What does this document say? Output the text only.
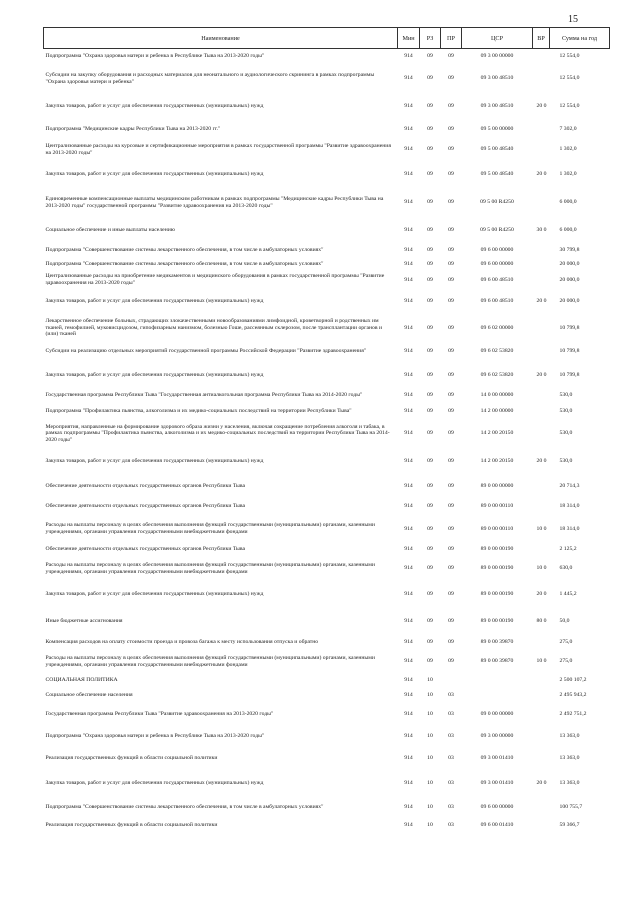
15
Наименование	Мин	РЗ	ПР	ЦСР	ВР	Сумма на год
Подпрограмма "Охрана здоровья матери и ребенка в Республике Тыва на 2013-2020 годы"	914	09	09	09 3 00 00000		12 554,0
Субсидии на закупку оборудования и расходных материалов для неонатального и аудиологического скрининга в рамках подпрограммы "Охрана здоровья матери и ребенка"	914	09	09	09 3 00 48510		12 554,0
Закупка товаров, работ и услуг для обеспечения государственных (муниципальных) нужд	914	09	09	09 3 00 48510	20 0	12 554,0
Подпрограмма "Медицинские кадры Республики Тыва на 2013-2020 гг."	914	09	09	09 5 00 00000		7 302,0
Централизованные расходы на курсовые и сертификационные мероприятия в рамках государственной программы "Развитие здравоохранения на 2013-2020 годы"	914	09	09	09 5 00 48540		1 302,0
Закупка товаров, работ и услуг для обеспечения государственных (муниципальных) нужд	914	09	09	09 5 00 48540	20 0	1 302,0
Единовременные компенсационные выплаты медицинским работникам в рамках подпрограммы "Медицинские кадры Республики Тыва на 2013-2020 годы" государственной программы "Развитие здравоохранения на 2013-2020 годы"	914	09	09	09 5 00 R4250		6 000,0
Социальное обеспечение и иные выплаты населению	914	09	09	09 5 00 R4250	30 0	6 000,0
Подпрограмма "Совершенствование системы лекарственного обеспечения, в том числе в амбулаторных условиях"	914	09	09	09 6 00 00000		30 799,8
Подпрограмма "Совершенствование системы лекарственного обеспечения, в том числе в амбулаторных условиях"	914	09	09	09 6 00 00000		20 000,0
Централизованные расходы на приобретение медикаментов и медицинского оборудования в рамках государственной программы "Развитие здравоохранения на 2013-2020 годы"	914	09	09	09 6 00 48510		20 000,0
Закупка товаров, работ и услуг для обеспечения государственных (муниципальных) нужд	914	09	09	09 6 00 48510	20 0	20 000,0
Лекарственное обеспечение больных, страдающих злокачественными новообразованиями лимфоидной, кроветворной и родственных им тканей, гемофилией, муковисцидозом, гипофизарным нанизмом, болезнью Гоше, рассеянным склерозом, после трансплантации органов и (или) тканей	914	09	09	09 6 02 00000		10 799,8
Субсидии на реализацию отдельных мероприятий государственной программы Российской Федерации "Развитие здравоохранения"	914	09	09	09 6 02 53820		10 799,8
Закупка товаров, работ и услуг для обеспечения государственных (муниципальных) нужд	914	09	09	09 6 02 53820	20 0	10 799,8
Государственная программа Республики Тыва "Государственная антиалкогольная программа Республики Тыва на 2014-2020 годы"	914	09	09	14 0 00 00000		530,0
Подпрограмма "Профилактика пьянства, алкоголизма и их медико-социальных последствий на территории Республики Тыва"	914	09	09	14 2 00 00000		530,0
Мероприятия, направленные на формирование здорового образа жизни у населения, включая сокращение потребления алкоголя и табака, в рамках подпрограммы "Профилактика пьянства, алкоголизма и их медико-социальных последствий на территории Республики Тыва на 2014-2020 годы"	914	09	09	14 2 00 20150		530,0
Закупка товаров, работ и услуг для обеспечения государственных (муниципальных) нужд	914	09	09	14 2 00 20150	20 0	530,0
Обеспечение деятельности отдельных государственных органов Республики Тыва	914	09	09	89 0 00 00000		20 714,3
Обеспечение деятельности отдельных государственных органов Республики Тыва	914	09	09	89 0 00 00110		18 314,0
Расходы на выплаты персоналу в целях обеспечения выполнения функций государственными (муниципальными) органами, казенными учреждениями, органами управления государственными внебюджетными фондами	914	09	09	89 0 00 00110	10 0	18 314,0
Обеспечение деятельности отдельных государственных органов Республики Тыва	914	09	09	89 0 00 00190		2 125,2
Расходы на выплаты персоналу в целях обеспечения выполнения функций государственными (муниципальными) органами, казенными учреждениями, органами управления государственными внебюджетными фондами	914	09	09	89 0 00 00190	10 0	630,0
Закупка товаров, работ и услуг для обеспечения государственных (муниципальных) нужд	914	09	09	89 0 00 00190	20 0	1 445,2
Иные бюджетные ассигнования	914	09	09	89 0 00 00190	80 0	50,0
Компенсация расходов на оплату стоимости проезда и провоза багажа к месту использования отпуска и обратно	914	09	09	89 0 00 39870		275,0
Расходы на выплаты персоналу в целях обеспечения выполнения функций государственными (муниципальными) органами, казенными учреждениями, органами управления государственными внебюджетными фондами	914	09	09	89 0 00 39870	10 0	275,0
СОЦИАЛЬНАЯ ПОЛИТИКА	914	10				2 500 107,2
Социальное обеспечение населения	914	10	03			2 495 943,2
Государственная программа Республики Тыва "Развитие здравоохранения на 2013-2020 годы"	914	10	03	09 0 00 00000		2 492 751,2
Подпрограмма "Охрана здоровья матери и ребенка в Республике Тыва на 2013-2020 годы"	914	10	03	09 3 00 00000		13 363,0
Реализация государственных функций в области социальной политики	914	10	03	09 3 00 01410		13 363,0
Закупка товаров, работ и услуг для обеспечения государственных (муниципальных) нужд	914	10	03	09 3 00 01410	20 0	13 363,0
Подпрограмма "Совершенствование системы лекарственного обеспечения, в том числе в амбулаторных условиях"	914	10	03	09 6 00 00000		100 755,7
Реализация государственных функций в области социальной политики	914	10	03	09 6 00 01410		59 366,7
